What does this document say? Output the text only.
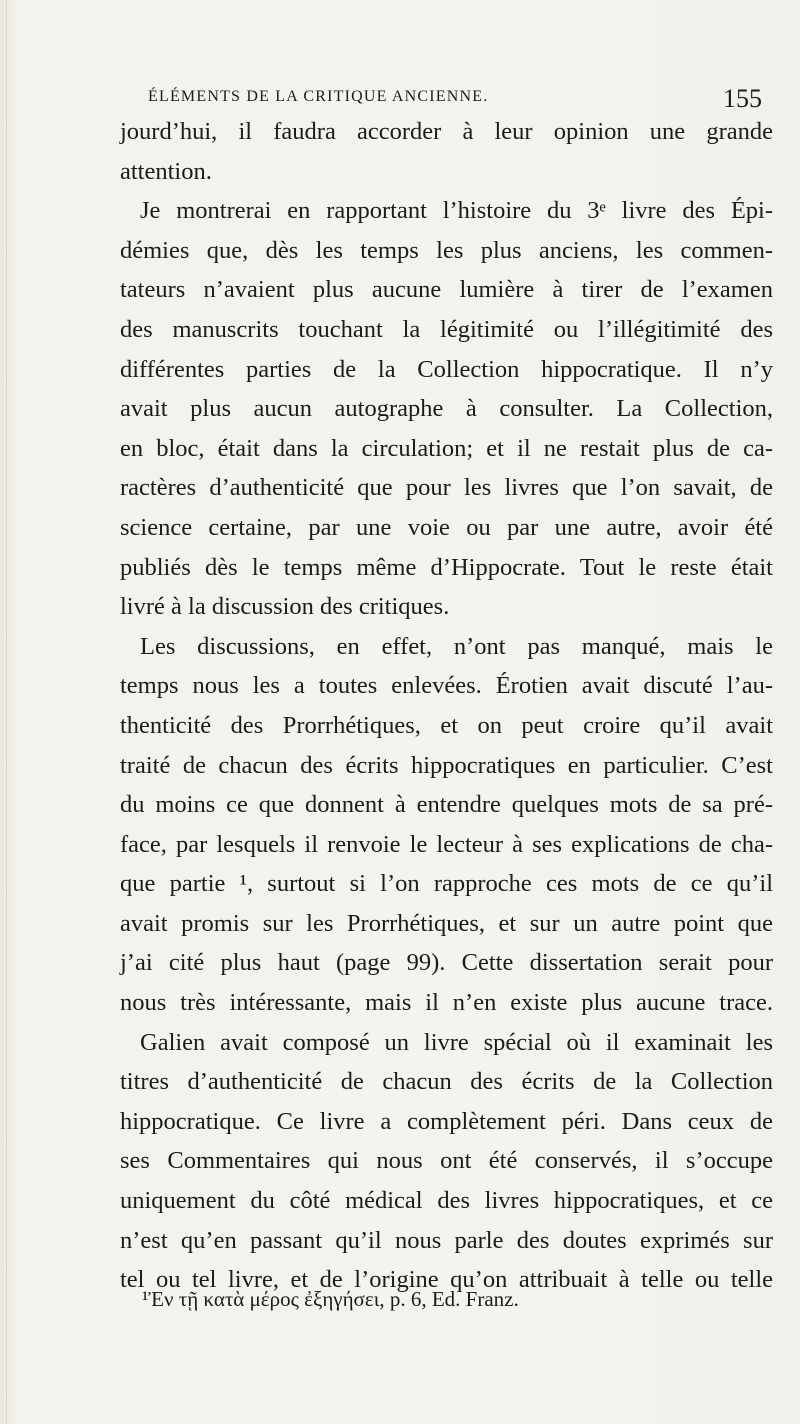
ÉLÉMENTS DE LA CRITIQUE ANCIENNE.	155
jourd’hui, il faudra accorder à leur opinion une grande
attention.
Je montrerai en rapportant l’histoire du 3ᵉ livre des Épi-
démies que, dès les temps les plus anciens, les commen-
tateurs n’avaient plus aucune lumière à tirer de l’examen
des manuscrits touchant la légitimité ou l’illégitimité des
différentes parties de la Collection hippocratique. Il n’y
avait plus aucun autographe à consulter. La Collection,
en bloc, était dans la circulation; et il ne restait plus de ca-
ractères d’authenticité que pour les livres que l’on savait, de
science certaine, par une voie ou par une autre, avoir été
publiés dès le temps même d’Hippocrate. Tout le reste était
livré à la discussion des critiques.
Les discussions, en effet, n’ont pas manqué, mais le
temps nous les a toutes enlevées. Érotien avait discuté l’au-
thenticité des Prorrhétiques, et on peut croire qu’il avait
traité de chacun des écrits hippocratiques en particulier. C’est
du moins ce que donnent à entendre quelques mots de sa pré-
face, par lesquels il renvoie le lecteur à ses explications de cha-
que partie ¹, surtout si l’on rapproche ces mots de ce qu’il
avait promis sur les Prorrhétiques, et sur un autre point que
j’ai cité plus haut (page 99). Cette dissertation serait pour
nous très intéressante, mais il n’en existe plus aucune trace.
Galien avait composé un livre spécial où il examinait les
titres d’authenticité de chacun des écrits de la Collection
hippocratique. Ce livre a complètement péri. Dans ceux de
ses Commentaires qui nous ont été conservés, il s’occupe
uniquement du côté médical des livres hippocratiques, et ce
n’est qu’en passant qu’il nous parle des doutes exprimés sur
tel ou tel livre, et de l’origine qu’on attribuait à telle ou telle
¹Ἐν τῇ κατὰ μέρος ἐξηγήσει, p. 6, Ed. Franz.
